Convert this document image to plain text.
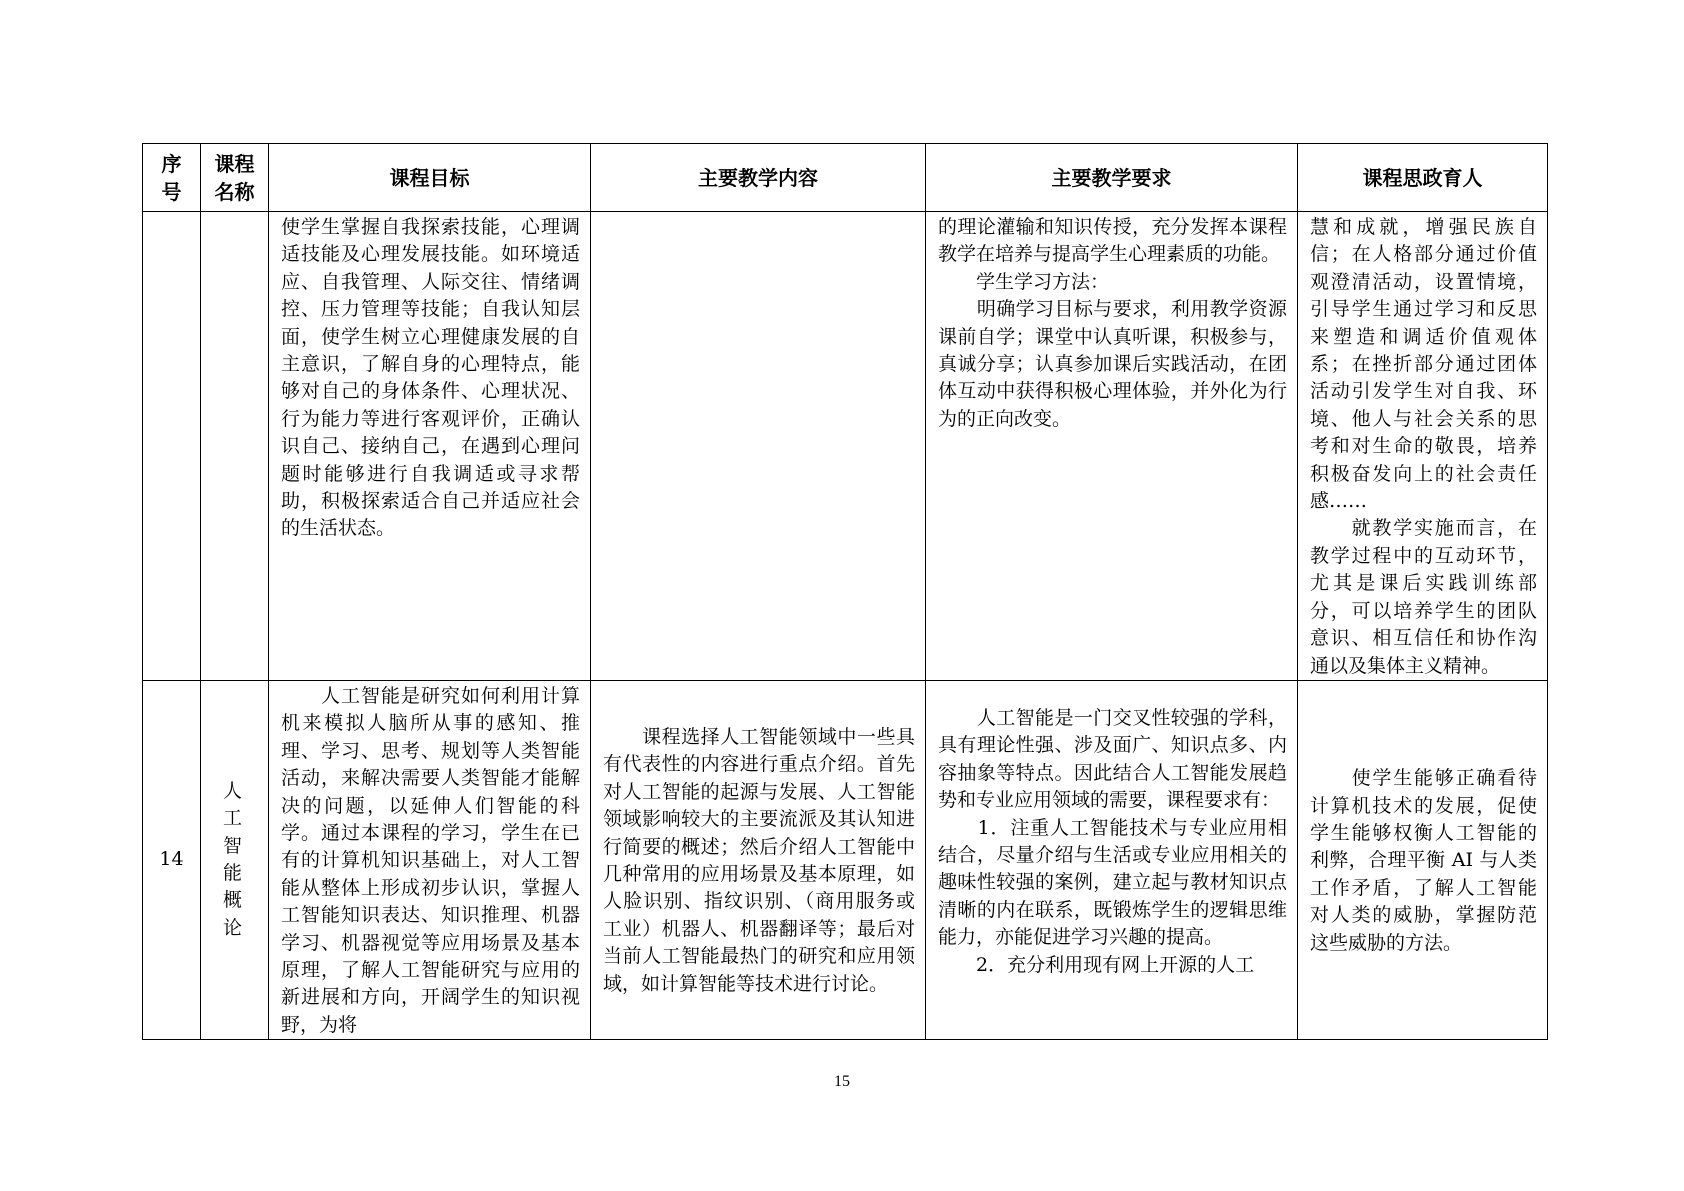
序号	课程名称	课程目标	主要教学内容	主要教学要求	课程思政育人

		使学生掌握自我探索技能，心理调适技能及心理发展技能。如环境适应、自我管理、人际交往、情绪调控、压力管理等技能；自我认知层面，使学生树立心理健康发展的自主意识，了解自身的心理特点，能够对自己的身体条件、心理状况、行为能力等进行客观评价，正确认识自己、接纳自己，在遇到心理问题时能够进行自我调适或寻求帮助，积极探索适合自己并适应社会的生活状态。		的理论灌输和知识传授，充分发挥本课程教学在培养与提高学生心理素质的功能。
　　学生学习方法：
　　明确学习目标与要求，利用教学资源课前自学；课堂中认真听课，积极参与，真诚分享；认真参加课后实践活动，在团体互动中获得积极心理体验，并外化为行为的正向改变。	慧和成就，增强民族自信；在人格部分通过价值观澄清活动，设置情境，引导学生通过学习和反思来塑造和调适价值观体系；在挫折部分通过团体活动引发学生对自我、环境、他人与社会关系的思考和对生命的敬畏，培养积极奋发向上的社会责任感……
　　就教学实施而言，在教学过程中的互动环节，尤其是课后实践训练部分，可以培养学生的团队意识、相互信任和协作沟通以及集体主义精神。

14	人工智能概论	　　人工智能是研究如何利用计算机来模拟人脑所从事的感知、推理、学习、思考、规划等人类智能活动，来解决需要人类智能才能解决的问题，以延伸人们智能的科学。通过本课程的学习，学生在已有的计算机知识基础上，对人工智能从整体上形成初步认识，掌握人工智能知识表达、知识推理、机器学习、机器视觉等应用场景及基本原理，了解人工智能研究与应用的新进展和方向，开阔学生的知识视野，为将	　　课程选择人工智能领域中一些具有代表性的内容进行重点介绍。首先对人工智能的起源与发展、人工智能领域影响较大的主要流派及其认知进行简要的概述；然后介绍人工智能中几种常用的应用场景及基本原理，如人脸识别、指纹识别、（商用服务或工业）机器人、机器翻译等；最后对当前人工智能最热门的研究和应用领域，如计算智能等技术进行讨论。	　　人工智能是一门交叉性较强的学科，具有理论性强、涉及面广、知识点多、内容抽象等特点。因此结合人工智能发展趋势和专业应用领域的需要，课程要求有：
　　1．注重人工智能技术与专业应用相结合，尽量介绍与生活或专业应用相关的趣味性较强的案例，建立起与教材知识点清晰的内在联系，既锻炼学生的逻辑思维能力，亦能促进学习兴趣的提高。
　　2．充分利用现有网上开源的人工	　　使学生能够正确看待计算机技术的发展，促使学生能够权衡人工智能的利弊，合理平衡 AI 与人类工作矛盾，了解人工智能对人类的威胁，掌握防范这些威胁的方法。
15
